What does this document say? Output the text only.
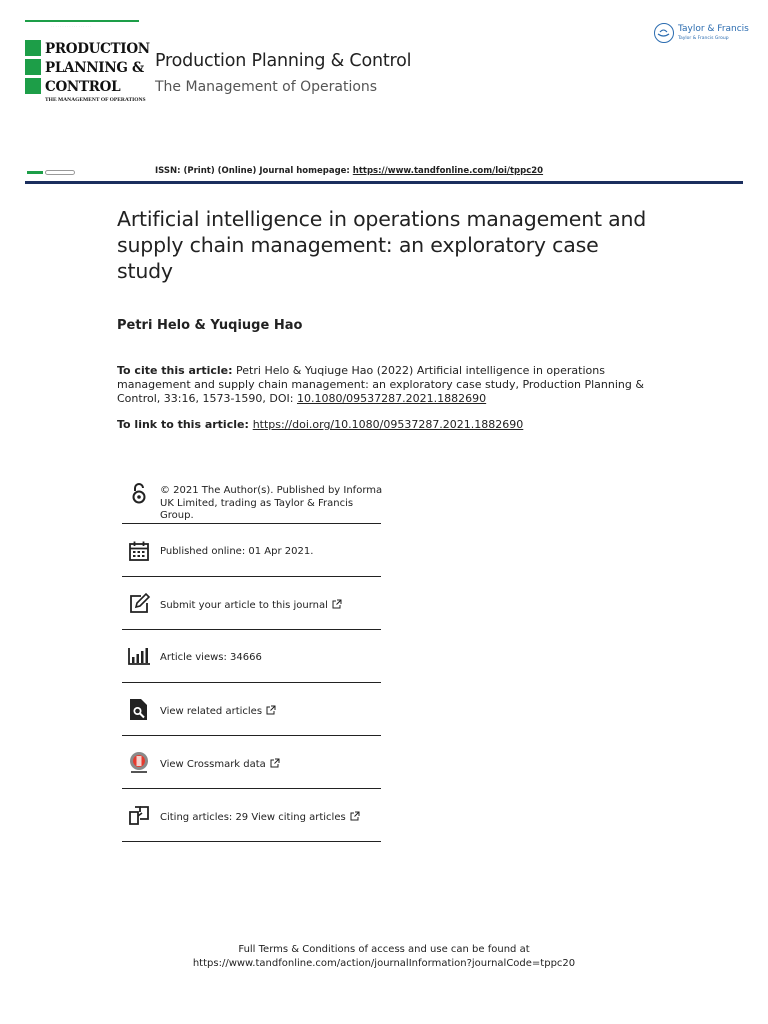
· · · · · · · · · · · · · · · · · ·
PRODUCTION
PLANNING &
CONTROL
THE MANAGEMENT OF OPERATIONS
Production Planning & Control
The Management of Operations
Taylor & Francis
Taylor & Francis Group
ISSN: (Print) (Online) Journal homepage: https://www.tandfonline.com/loi/tppc20
Artificial intelligence in operations management and supply chain management: an exploratory case study
Petri Helo & Yuqiuge Hao
To cite this article: Petri Helo & Yuqiuge Hao (2022) Artificial intelligence in operations management and supply chain management: an exploratory case study, Production Planning & Control, 33:16, 1573-1590, DOI: 10.1080/09537287.2021.1882690
To link to this article: https://doi.org/10.1080/09537287.2021.1882690
© 2021 The Author(s). Published by Informa UK Limited, trading as Taylor & Francis Group.
Published online: 01 Apr 2021.
Submit your article to this journal
Article views: 34666
View related articles
View Crossmark data
Citing articles: 29 View citing articles
Full Terms & Conditions of access and use can be found at
https://www.tandfonline.com/action/journalInformation?journalCode=tppc20
